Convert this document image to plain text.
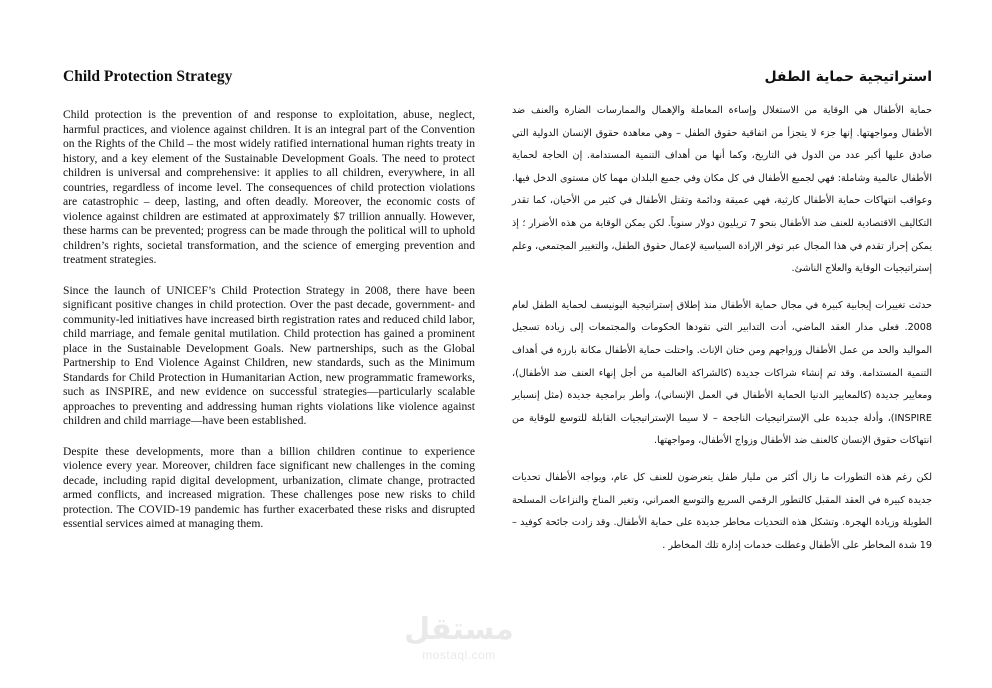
Child Protection Strategy

Child protection is the prevention of and response to exploitation, abuse, neglect, harmful practices, and violence against children. It is an integral part of the Convention on the Rights of the Child – the most widely ratified international human rights treaty in history, and a key element of the Sustainable Development Goals. The need to protect children is universal and comprehensive: it applies to all children, everywhere, in all countries, regardless of income level. The consequences of child protection violations are catastrophic – deep, lasting, and often deadly. Moreover, the economic costs of violence against children are estimated at approximately $7 trillion annually. However, these harms can be prevented; progress can be made through the political will to uphold children’s rights, societal transformation, and the science of emerging prevention and treatment strategies.

Since the launch of UNICEF’s Child Protection Strategy in 2008, there have been significant positive changes in child protection. Over the past decade, government- and community-led initiatives have increased birth registration rates and reduced child labor, child marriage, and female genital mutilation. Child protection has gained a prominent place in the Sustainable Development Goals. New partnerships, such as the Global Partnership to End Violence Against Children, new standards, such as the Minimum Standards for Child Protection in Humanitarian Action, new programmatic frameworks, such as INSPIRE, and new evidence on successful strategies—particularly scalable approaches to preventing and addressing human rights violations like violence against children and child marriage—have been established.

Despite these developments, more than a billion children continue to experience violence every year. Moreover, children face significant new challenges in the coming decade, including rapid digital development, urbanization, climate change, protracted armed conflicts, and increased migration. These challenges pose new risks to child protection. The COVID-19 pandemic has further exacerbated these risks and disrupted essential services aimed at managing them.

استراتيجية حماية الطفل

حماية الأطفال هي الوقاية من الاستغلال وإساءة المعاملة والإهمال والممارسات الضارة والعنف ضد الأطفال ومواجهتها. إنها جزء لا يتجزأ من اتفاقية حقوق الطفل – وهي معاهدة حقوق الإنسان الدولية التي صادق عليها أكبر عدد من الدول في التاريخ، وكما أنها من أهداف التنمية المستدامة. إن الحاجة لحماية الأطفال عالمية وشاملة: فهي لجميع الأطفال في كل مكان وفي جميع البلدان مهما كان مستوى الدخل فيها. وعواقب انتهاكات حماية الأطفال كارثية، فهي عميقة ودائمة وتقتل الأطفال في كثير من الأحيان، كما تقدر التكاليف الاقتصادية للعنف ضد الأطفال بنحو 7 تريليون دولار سنوياً. لكن يمكن الوقاية من هذه الأضرار ؛ إذ يمكن إحراز تقدم في هذا المجال عبر توفر الإرادة السياسية لإعمال حقوق الطفل، والتغيير المجتمعي، وعلم إستراتيجيات الوقاية والعلاج الناشئ.

حدثت تغييرات إيجابية كبيرة في مجال حماية الأطفال منذ إطلاق إستراتيجية اليونيسف لحماية الطفل لعام 2008. فعلى مدار العقد الماضي، أدت التدابير التي تقودها الحكومات والمجتمعات إلى زيادة تسجيل المواليد والحد من عمل الأطفال وزواجهم ومن ختان الإناث. واحتلت حماية الأطفال مكانة بارزة في أهداف التنمية المستدامة. وقد تم إنشاء شراكات جديدة (كالشراكة العالمية من أجل إنهاء العنف ضد الأطفال)، ومعايير جديدة (كالمعايير الدنيا الحماية الأطفال في العمل الإنساني)، وأطر برامجية جديدة (مثل إنسباير INSPIRE)، وأدلة جديدة على الإستراتيجيات الناجحة – لا سيما الإستراتيجيات القابلة للتوسع للوقاية من انتهاكات حقوق الإنسان كالعنف ضد الأطفال وزواج الأطفال، ومواجهتها.

لكن رغم هذه التطورات ما زال أكثر من مليار طفل يتعرضون للعنف كل عام، ويواجه الأطفال تحديات جديدة كبيرة في العقد المقبل كالتطور الرقمي السريع والتوسع العمراني، وتغير المناخ والنزاعات المسلحة الطويلة وزيادة الهجرة. وتشكل هذه التحديات مخاطر جديدة على حماية الأطفال. وقد زادت جائحة كوفيد – 19 شدة المخاطر على الأطفال وعطلت خدمات إدارة تلك المخاطر .

مستقل
mostaql.com
